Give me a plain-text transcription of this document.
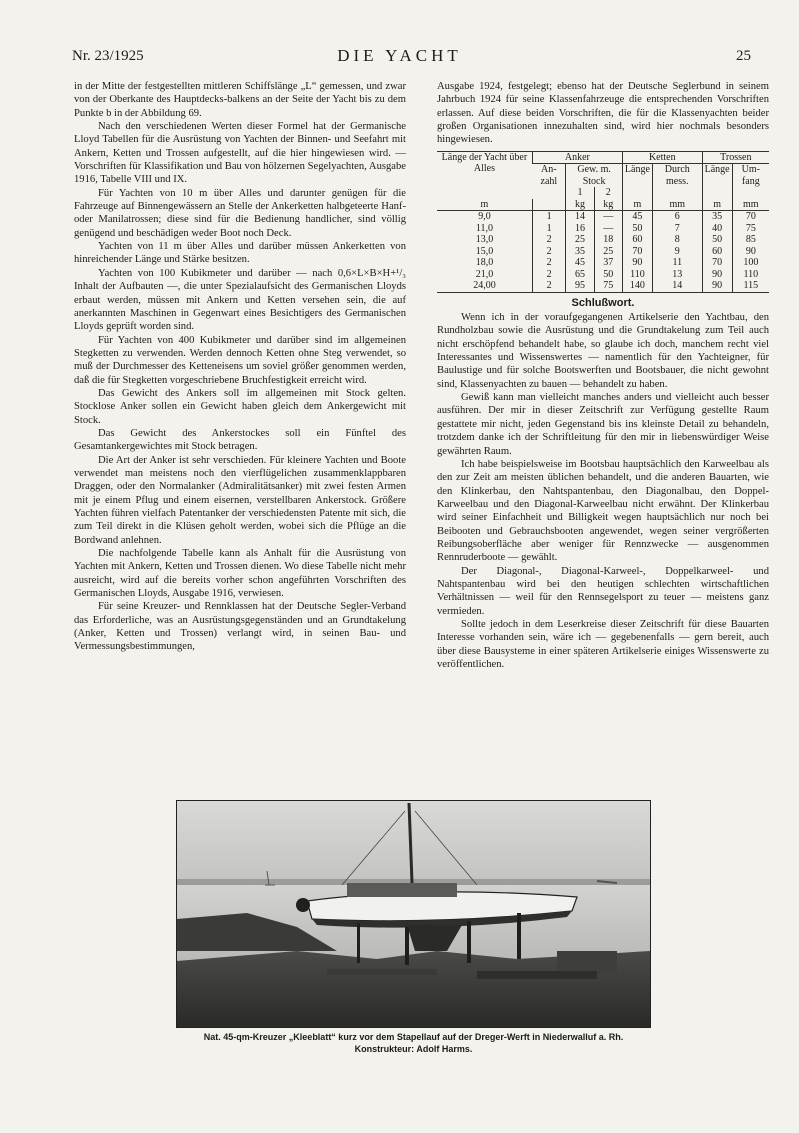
Nr. 23/1925	DIE YACHT	25

in der Mitte der festgestellten mittleren Schiffslänge „L“ gemessen, und zwar von der Oberkante des Hauptdecks-balkens an der Seite der Yacht bis zu dem Punkte b in der Abbildung 69.

Nach den verschiedenen Werten dieser Formel hat der Germanische Lloyd Tabellen für die Ausrüstung von Yachten der Binnen- und Seefahrt mit Ankern, Ketten und Trossen aufgestellt, auf die hier hingewiesen wird. — Vorschriften für Klassifikation und Bau von hölzernen Segelyachten, Ausgabe 1916, Tabelle VIII und IX.

Für Yachten von 10 m über Alles und darunter genügen für die Fahrzeuge auf Binnengewässern an Stelle der Ankerketten halbgeteerte Hanf- oder Manilatrossen; diese sind für die Bedienung handlicher, sind völlig genügend und beschädigen weder Boot noch Deck.

Yachten von 11 m über Alles und darüber müssen Ankerketten von hinreichender Länge und Stärke besitzen.

Yachten von 100 Kubikmeter und darüber — nach 0,6×L×B×H+¹/₃ Inhalt der Aufbauten —, die unter Spezialaufsicht des Germanischen Lloyds erbaut werden, müssen mit Ankern und Ketten versehen sein, die auf anerkannten Maschinen in Gegenwart eines Besichtigers des Germanischen Lloyds geprüft worden sind.

Für Yachten von 400 Kubikmeter und darüber sind im allgemeinen Stegketten zu verwenden. Werden dennoch Ketten ohne Steg verwendet, so muß der Durchmesser des Ketteneisens um soviel größer genommen werden, daß die für Stegketten vorgeschriebene Bruchfestigkeit erreicht wird.

Das Gewicht des Ankers soll im allgemeinen mit Stock gelten. Stocklose Anker sollen ein Gewicht haben gleich dem Ankergewicht mit Stock.

Das Gewicht des Ankerstockes soll ein Fünftel des Gesamtankergewichtes mit Stock betragen.

Die Art der Anker ist sehr verschieden. Für kleinere Yachten und Boote verwendet man meistens noch den vierflügelichen zusammenklappbaren Draggen, oder den Normalanker (Admiralitätsanker) mit zwei festen Armen mit je einem Pflug und einem eisernen, verstellbaren Ankerstock. Größere Yachten führen vielfach Patentanker der verschiedensten Patente mit sich, die zum Teil direkt in die Klüsen geholt werden, wobei sich die Pflüge an die Bordwand anlehnen.

Die nachfolgende Tabelle kann als Anhalt für die Ausrüstung von Yachten mit Ankern, Ketten und Trossen dienen. Wo diese Tabelle nicht mehr ausreicht, wird auf die bereits vorher schon angeführten Vorschriften des Germanischen Lloyds, Ausgabe 1916, verwiesen.

Für seine Kreuzer- und Rennklassen hat der Deutsche Segler-Verband das Erforderliche, was an Ausrüstungsgegenständen und an Grundtakelung (Anker, Ketten und Trossen) verlangt wird, in seinen Bau- und Vermessungsbestimmungen,

Ausgabe 1924, festgelegt; ebenso hat der Deutsche Seglerbund in seinem Jahrbuch 1924 für seine Klassenfahrzeuge die entsprechenden Vorschriften erlassen. Auf diese beiden Vorschriften, die für die Klassenyachten beider großen Organisationen innezuhalten sind, wird hier nochmals besonders hingewiesen.

Länge der Yacht über Alles	Anker			Ketten		Trossen	
	An-zahl	Gew. m. Stock		Länge	Durch mess.	Länge	Um-fang
		1	2				
m		kg	kg	m	mm	m	mm
9,0	1	14	—	45	6	35	70
11,0	1	16	—	50	7	40	75
13,0	2	25	18	60	8	50	85
15,0	2	35	25	70	9	60	90
18,0	2	45	37	90	11	70	100
21,0	2	65	50	110	13	90	110
24,00	2	95	75	140	14	90	115
Schlußwort.

Wenn ich in der voraufgegangenen Artikelserie den Yachtbau, den Rundholzbau sowie die Ausrüstung und die Grundtakelung zum Teil auch nicht erschöpfend behandelt habe, so glaube ich doch, manchem recht viel Interessantes und Wissenswertes — namentlich für den Yachteigner, für Baulustige und für solche Bootswerften und Bootsbauer, die nicht gewohnt sind, Klassenyachten zu bauen — behandelt zu haben.

Gewiß kann man vielleicht manches anders und vielleicht auch besser ausführen. Der mir in dieser Zeitschrift zur Verfügung gestellte Raum gestattete mir nicht, jeden Gegenstand bis ins kleinste Detail zu behandeln, trotzdem danke ich der Schriftleitung für den mir in liebenswürdiger Weise gewährten Raum.

Ich habe beispielsweise im Bootsbau hauptsächlich den Karweelbau als den zur Zeit am meisten üblichen behandelt, und die anderen Bauarten, wie den Klinkerbau, den Nahtspantenbau, den Diagonalbau, den Doppel-Karweelbau und den Diagonal-Karweelbau nicht erwähnt. Der Klinkerbau wird seiner Einfachheit und Billigkeit wegen hauptsächlich nur noch bei Beibooten und Gebrauchsbooten angewendet, wegen seiner vergrößerten Reibungsoberfläche aber weniger für Rennzwecke — ausgenommen Rennruderboote — gewählt.

Der Diagonal-, Diagonal-Karweel-, Doppelkarweel- und Nahtspantenbau wird bei den heutigen schlechten wirtschaftlichen Verhältnissen — weil für den Rennsegelsport zu teuer — meistens ganz vermieden.

Sollte jedoch in dem Leserkreise dieser Zeitschrift für diese Bauarten Interesse vorhanden sein, wäre ich — gegebenenfalls — gern bereit, auch über diese Bausysteme in einer späteren Artikelserie einiges Wissenswerte zu veröffentlichen.

Nat. 45-qm-Kreuzer „Kleeblatt“ kurz vor dem Stapellauf auf der Dreger-Werft in Niederwalluf a. Rh.
Konstrukteur: Adolf Harms.
